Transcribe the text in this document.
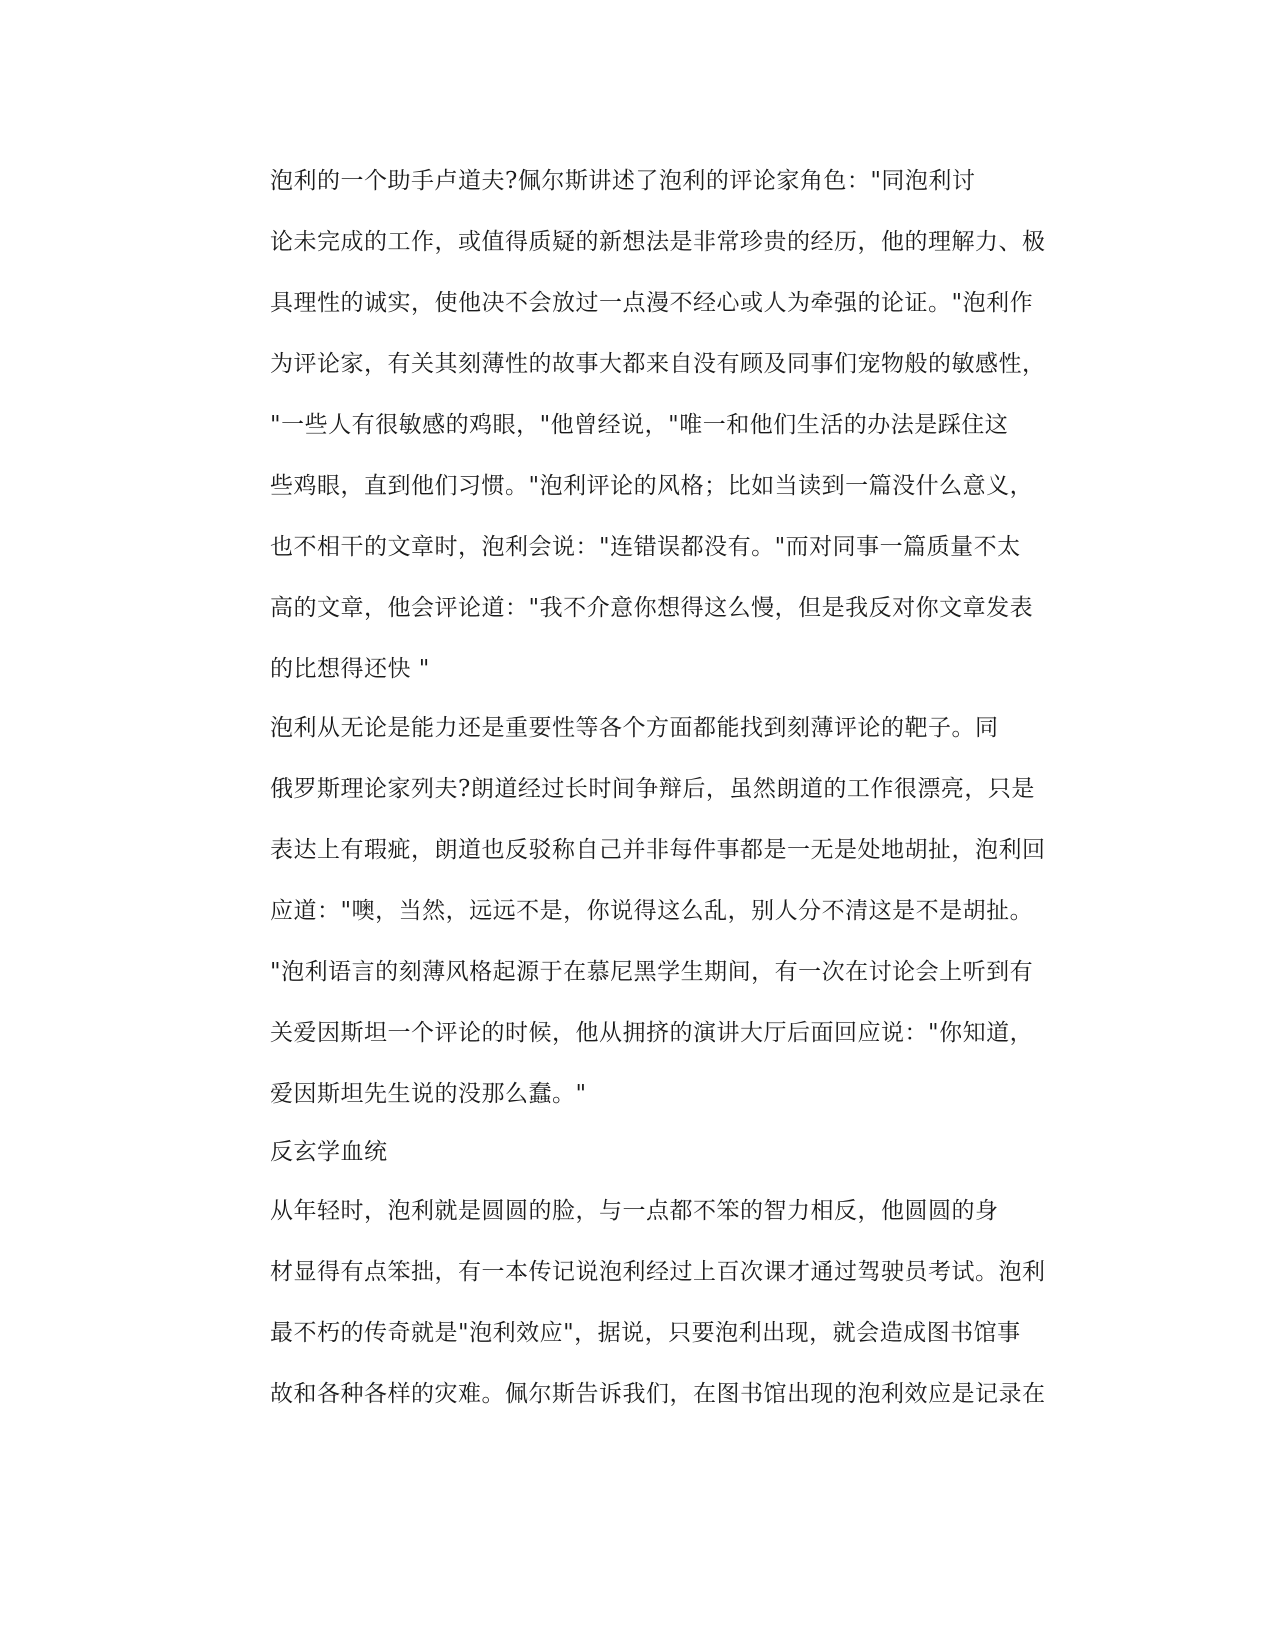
泡利的一个助手卢道夫?佩尔斯讲述了泡利的评论家角色："同泡利讨
论未完成的工作，或值得质疑的新想法是非常珍贵的经历，他的理解力、极
具理性的诚实，使他决不会放过一点漫不经心或人为牵强的论证。"泡利作
为评论家，有关其刻薄性的故事大都来自没有顾及同事们宠物般的敏感性，
"一些人有很敏感的鸡眼，"他曾经说，"唯一和他们生活的办法是踩住这
些鸡眼，直到他们习惯。"泡利评论的风格；比如当读到一篇没什么意义，
也不相干的文章时，泡利会说："连错误都没有。"而对同事一篇质量不太
高的文章，他会评论道："我不介意你想得这么慢，但是我反对你文章发表
的比想得还快 "
泡利从无论是能力还是重要性等各个方面都能找到刻薄评论的靶子。同
俄罗斯理论家列夫?朗道经过长时间争辩后，虽然朗道的工作很漂亮，只是
表达上有瑕疵，朗道也反驳称自己并非每件事都是一无是处地胡扯，泡利回
应道："噢，当然，远远不是，你说得这么乱，别人分不清这是不是胡扯。
"泡利语言的刻薄风格起源于在慕尼黑学生期间，有一次在讨论会上听到有
关爱因斯坦一个评论的时候，他从拥挤的演讲大厅后面回应说："你知道，
爱因斯坦先生说的没那么蠢。"
反玄学血统
从年轻时，泡利就是圆圆的脸，与一点都不笨的智力相反，他圆圆的身
材显得有点笨拙，有一本传记说泡利经过上百次课才通过驾驶员考试。泡利
最不朽的传奇就是"泡利效应"，据说，只要泡利出现，就会造成图书馆事
故和各种各样的灾难。佩尔斯告诉我们，在图书馆出现的泡利效应是记录在
